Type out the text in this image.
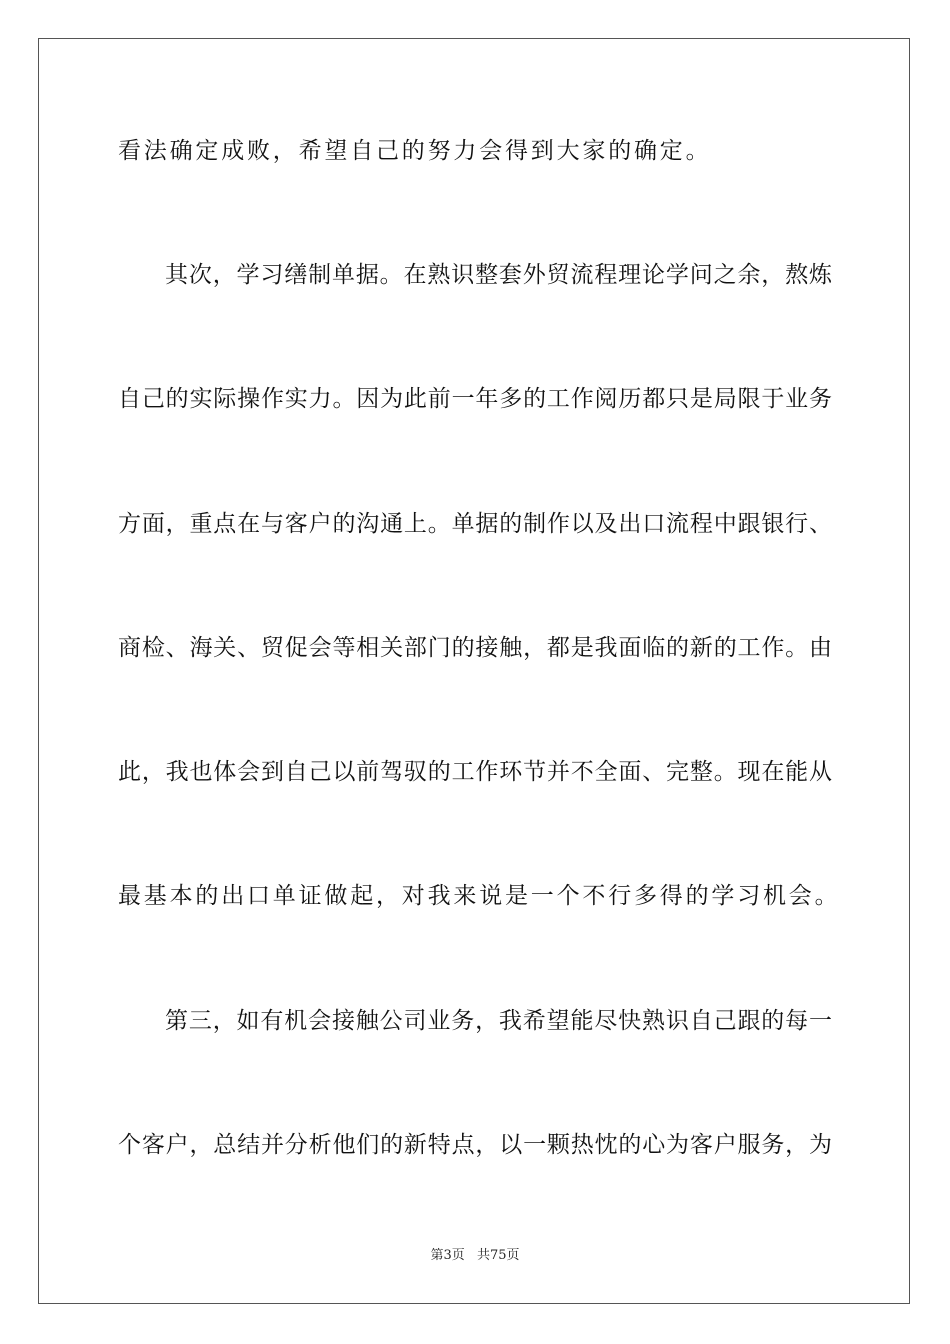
看法确定成败，希望自己的努力会得到大家的确定。
其次，学习缮制单据。在熟识整套外贸流程理论学问之余，熬炼
自己的实际操作实力。因为此前一年多的工作阅历都只是局限于业务
方面，重点在与客户的沟通上。单据的制作以及出口流程中跟银行、
商检、海关、贸促会等相关部门的接触，都是我面临的新的工作。由
此，我也体会到自己以前驾驭的工作环节并不全面、完整。现在能从
最基本的出口单证做起，对我来说是一个不行多得的学习机会。
第三，如有机会接触公司业务，我希望能尽快熟识自己跟的每一
个客户，总结并分析他们的新特点，以一颗热忱的心为客户服务，为
第3页 共75页
